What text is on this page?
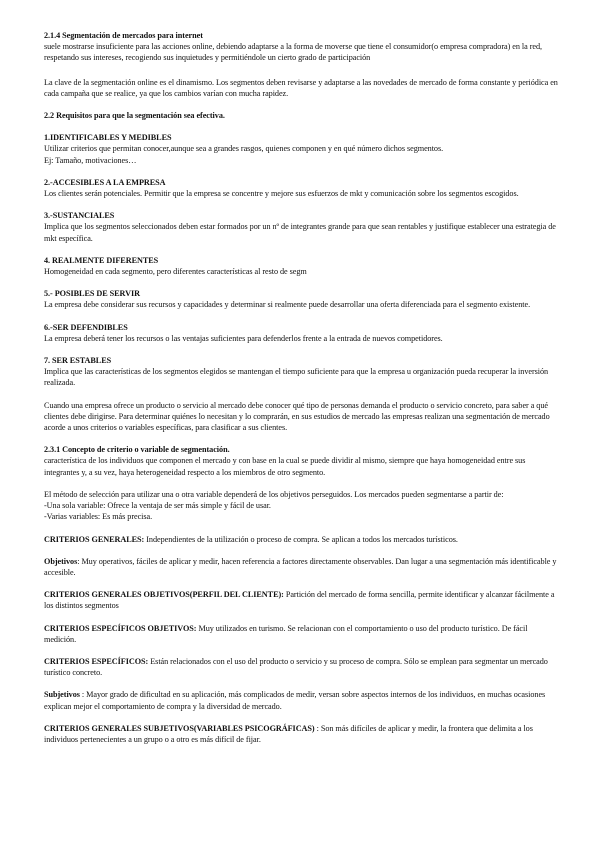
2.1.4 Segmentación de mercados para internet

suele mostrarse insuficiente para las acciones online, debiendo adaptarse a la forma de moverse que tiene el consumidor(o empresa compradora) en la red, respetando sus intereses, recogiendo sus inquietudes y permitiéndole un cierto grado de participación

La clave de la segmentación online es el dinamismo. Los segmentos deben revisarse y adaptarse a las novedades de mercado de forma constante y periódica en cada campaña que se realice, ya que los cambios varían con mucha rapidez.

2.2 Requisitos para que la segmentación sea efectiva.

1.IDENTIFICABLES Y MEDIBLES

Utilizar criterios que permitan conocer,aunque sea a grandes rasgos, quienes componen y en qué número dichos segmentos.

Ej: Tamaño, motivaciones…

2.-ACCESIBLES A LA EMPRESA

Los clientes serán potenciales. Permitir que la empresa se concentre y mejore sus esfuerzos de mkt y comunicación sobre los segmentos escogidos.

3.-SUSTANCIALES

Implica que los segmentos seleccionados deben estar formados por un nº de integrantes grande para que sean rentables y justifique establecer una estrategia de mkt específica.

4. REALMENTE DIFERENTES

Homogeneidad en cada segmento, pero diferentes características al resto de segm

5.- POSIBLES DE SERVIR

La empresa debe considerar sus recursos y capacidades y determinar si realmente puede desarrollar una oferta diferenciada para el segmento existente.

6.-SER DEFENDIBLES

La empresa deberá tener los recursos o las ventajas suficientes para defenderlos frente a la entrada de nuevos competidores.

7. SER ESTABLES

Implica que las características de los segmentos elegidos se mantengan el tiempo suficiente para que la empresa u organización pueda recuperar la inversión realizada.

Cuando una empresa ofrece un producto o servicio al mercado debe conocer qué tipo de personas demanda el producto o servicio concreto, para saber a qué clientes debe dirigirse. Para determinar quiénes lo necesitan y lo comprarán, en sus estudios de mercado las empresas realizan una segmentación de mercado acorde a unos criterios o variables específicas, para clasificar a sus clientes.

2.3.1 Concepto de criterio o variable de segmentación.

característica de los individuos que componen el mercado y con base en la cual se puede dividir al mismo, siempre que haya homogeneidad entre sus integrantes y, a su vez, haya heterogeneidad respecto a los miembros de otro segmento.

El método de selección para utilizar una o otra variable dependerá de los objetivos perseguidos. Los mercados pueden segmentarse a partir de:

-Una sola variable: Ofrece la ventaja de ser más simple y fácil de usar.

-Varias variables: Es más precisa.

CRITERIOS GENERALES: Independientes de la utilización o proceso de compra. Se aplican a todos los mercados turísticos.

Objetivos: Muy operativos, fáciles de aplicar y medir, hacen referencia a factores directamente observables. Dan lugar a una segmentación más identificable y accesible.

CRITERIOS GENERALES OBJETIVOS(PERFIL DEL CLIENTE): Partición del mercado de forma sencilla, permite identificar y alcanzar fácilmente a los distintos segmentos

CRITERIOS ESPECÍFICOS OBJETIVOS: Muy utilizados en turismo. Se relacionan con el comportamiento o uso del producto turístico. De fácil medición.

CRITERIOS ESPECÍFICOS: Están relacionados con el uso del producto o servicio y su proceso de compra. Sólo se emplean para segmentar un mercado turístico concreto.

Subjetivos : Mayor grado de dificultad en su aplicación, más complicados de medir, versan sobre aspectos internos de los individuos, en muchas ocasiones explican mejor el comportamiento de compra y la diversidad de mercado.

CRITERIOS GENERALES SUBJETIVOS(VARIABLES PSICOGRÁFICAS) : Son más difíciles de aplicar y medir, la frontera que delimita a los individuos pertenecientes a un grupo o a otro es más difícil de fijar.
